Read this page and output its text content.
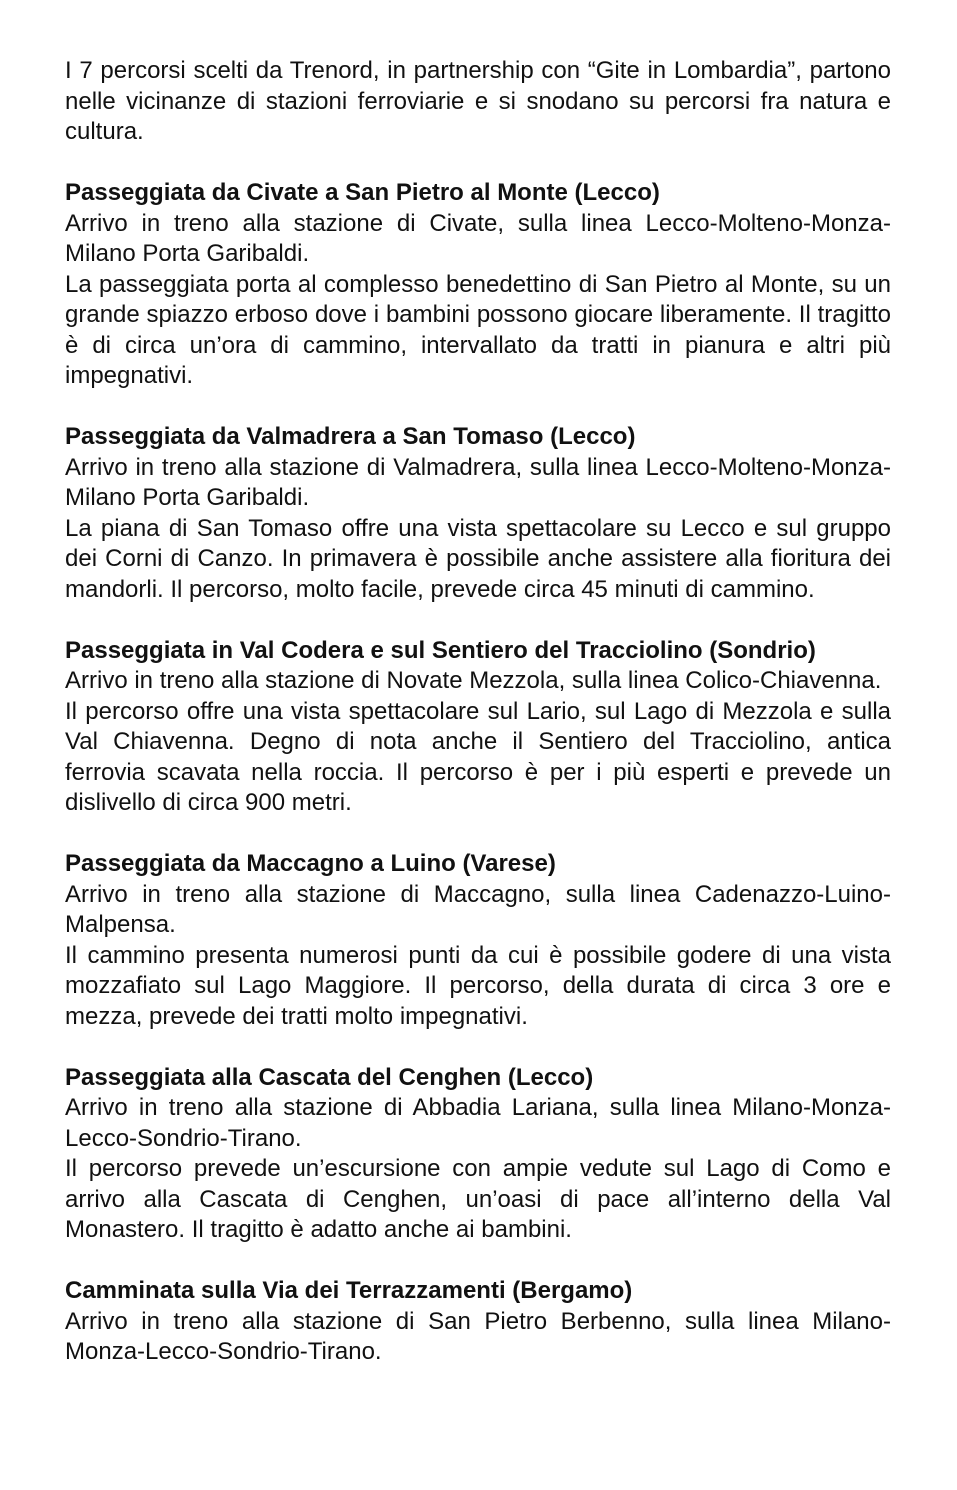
I 7 percorsi scelti da Trenord, in partnership con “Gite in Lombardia”, partono nelle vicinanze di stazioni ferroviarie e si snodano su percorsi fra natura e cultura.

Passeggiata da Civate a San Pietro al Monte (Lecco)

Arrivo in treno alla stazione di Civate, sulla linea Lecco-Molteno-Monza-Milano Porta Garibaldi.

La passeggiata porta al complesso benedettino di San Pietro al Monte, su un grande spiazzo erboso dove i bambini possono giocare liberamente. Il tragitto è di circa un’ora di cammino, intervallato da tratti in pianura e altri più impegnativi.

Passeggiata da Valmadrera a San Tomaso (Lecco)

Arrivo in treno alla stazione di Valmadrera, sulla linea Lecco-Molteno-Monza-Milano Porta Garibaldi.

La piana di San Tomaso offre una vista spettacolare su Lecco e sul gruppo dei Corni di Canzo. In primavera è possibile anche assistere alla fioritura dei mandorli. Il percorso, molto facile, prevede circa 45 minuti di cammino.

Passeggiata in Val Codera e sul Sentiero del Tracciolino (Sondrio)

Arrivo in treno alla stazione di Novate Mezzola, sulla linea Colico-Chiavenna.

Il percorso offre una vista spettacolare sul Lario, sul Lago di Mezzola e sulla Val Chiavenna. Degno di nota anche il Sentiero del Tracciolino, antica ferrovia scavata nella roccia. Il percorso è per i più esperti e prevede un dislivello di circa 900 metri.

Passeggiata da Maccagno a Luino (Varese)

Arrivo in treno alla stazione di Maccagno, sulla linea Cadenazzo-Luino-Malpensa.

Il cammino presenta numerosi punti da cui è possibile godere di una vista mozzafiato sul Lago Maggiore. Il percorso, della durata di circa 3 ore e mezza, prevede dei tratti molto impegnativi.

Passeggiata alla Cascata del Cenghen (Lecco)

Arrivo in treno alla stazione di Abbadia Lariana, sulla linea Milano-Monza-Lecco-Sondrio-Tirano.

Il percorso prevede un’escursione con ampie vedute sul Lago di Como e arrivo alla Cascata di Cenghen, un’oasi di pace all’interno della Val Monastero. Il tragitto è adatto anche ai bambini.

Camminata sulla Via dei Terrazzamenti (Bergamo)

Arrivo in treno alla stazione di San Pietro Berbenno, sulla linea Milano-Monza-Lecco-Sondrio-Tirano.
